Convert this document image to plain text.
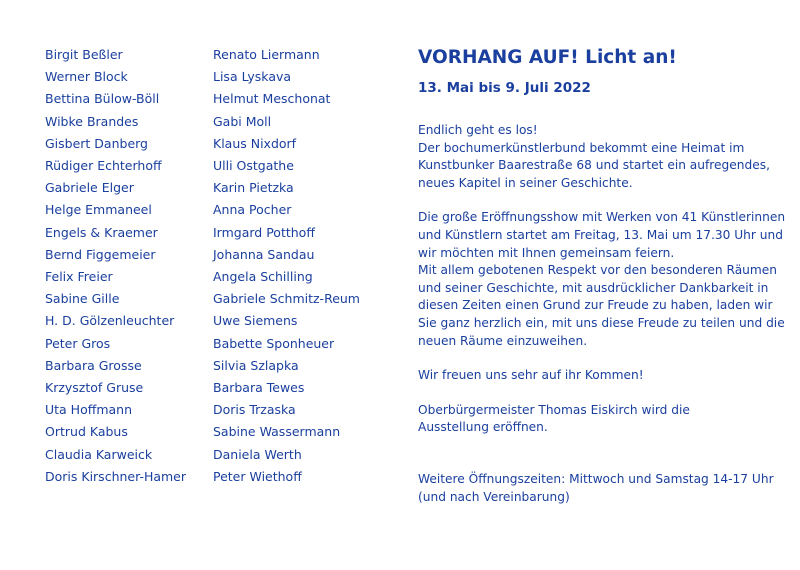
Birgit Beßler
Werner Block
Bettina Bülow-Böll
Wibke Brandes
Gisbert Danberg
Rüdiger Echterhoff
Gabriele Elger
Helge Emmaneel
Engels & Kraemer
Bernd Figgemeier
Felix Freier
Sabine Gille
H. D. Gölzenleuchter
Peter Gros
Barbara Grosse
Krzysztof Gruse
Uta Hoffmann
Ortrud Kabus
Claudia Karweick
Doris Kirschner-Hamer
Renato Liermann
Lisa Lyskava
Helmut Meschonat
Gabi Moll
Klaus Nixdorf
Ulli Ostgathe
Karin Pietzka
Anna Pocher
Irmgard Potthoff
Johanna Sandau
Angela Schilling
Gabriele Schmitz-Reum
Uwe Siemens
Babette Sponheuer
Silvia Szlapka
Barbara Tewes
Doris Trzaska
Sabine Wassermann
Daniela Werth
Peter Wiethoff
VORHANG AUF! Licht an!

13. Mai bis 9. Juli 2022

Endlich geht es los!
Der bochumerkünstlerbund bekommt eine Heimat im
Kunstbunker Baarestraße 68 und startet ein aufregendes,
neues Kapitel in seiner Geschichte.

Die große Eröffnungsshow mit Werken von 41 Künstlerinnen
und Künstlern startet am Freitag, 13. Mai um 17.30 Uhr und
wir möchten mit Ihnen gemeinsam feiern.
Mit allem gebotenen Respekt vor den besonderen Räumen
und seiner Geschichte, mit ausdrücklicher Dankbarkeit in
diesen Zeiten einen Grund zur Freude zu haben, laden wir
Sie ganz herzlich ein, mit uns diese Freude zu teilen und die
neuen Räume einzuweihen.

Wir freuen uns sehr auf ihr Kommen!

Oberbürgermeister Thomas Eiskirch wird die
Ausstellung eröffnen.

Weitere Öffnungszeiten: Mittwoch und Samstag 14-17 Uhr
(und nach Vereinbarung)
